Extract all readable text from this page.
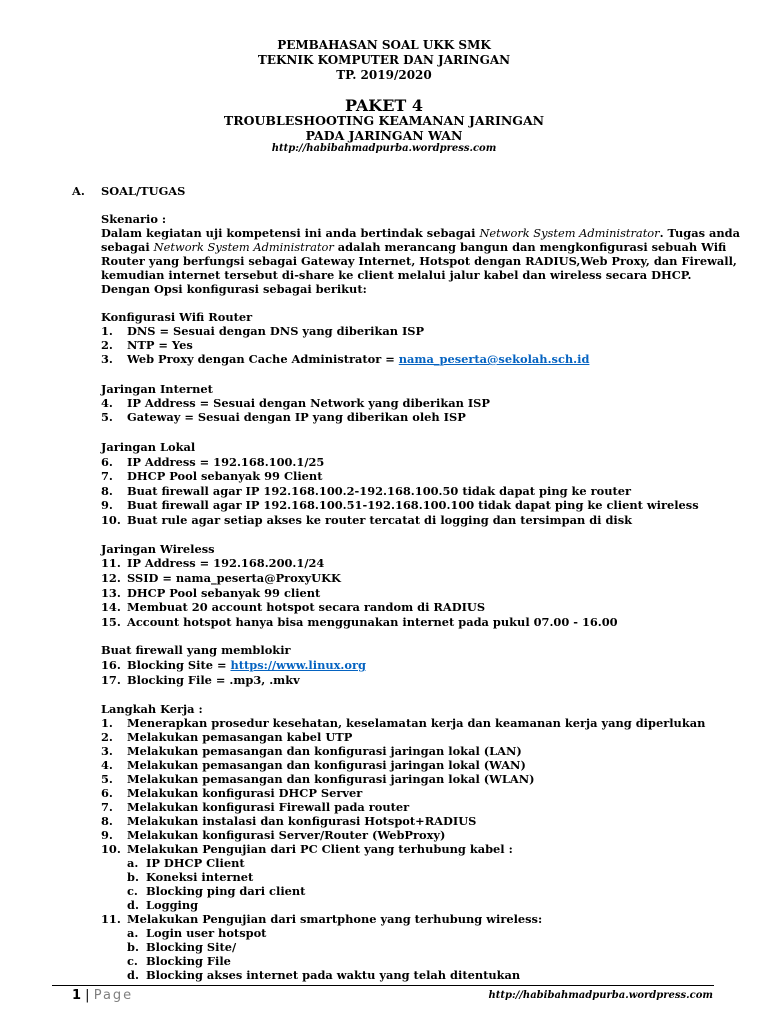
PEMBAHASAN SOAL UKK SMK
TEKNIK KOMPUTER DAN JARINGAN
TP. 2019/2020
PAKET 4
TROUBLESHOOTING KEAMANAN JARINGAN
PADA JARINGAN WAN
http://habibahmadpurba.wordpress.com
A. SOAL/TUGAS
Skenario :
Dalam kegiatan uji kompetensi ini anda bertindak sebagai Network System Administrator. Tugas anda
sebagai Network System Administrator adalah merancang bangun dan mengkonfigurasi sebuah Wifi
Router yang berfungsi sebagai Gateway Internet, Hotspot dengan RADIUS,Web Proxy, dan Firewall,
kemudian internet tersebut di-share ke client melalui jalur kabel dan wireless secara DHCP.
Dengan Opsi konfigurasi sebagai berikut:
Konfigurasi Wifi Router
1.	DNS = Sesuai dengan DNS yang diberikan ISP
2.	NTP = Yes
3.	Web Proxy dengan Cache Administrator = nama_peserta@sekolah.sch.id
Jaringan Internet
4.	IP Address = Sesuai dengan Network yang diberikan ISP
5.	Gateway = Sesuai dengan IP yang diberikan oleh ISP
Jaringan Lokal
6.	IP Address = 192.168.100.1/25
7.	DHCP Pool sebanyak 99 Client
8.	Buat firewall agar IP 192.168.100.2-192.168.100.50 tidak dapat ping ke router
9.	Buat firewall agar IP 192.168.100.51-192.168.100.100 tidak dapat ping ke client wireless
10. Buat rule agar setiap akses ke router tercatat di logging dan tersimpan di disk
Jaringan Wireless
11. IP Address = 192.168.200.1/24
12. SSID = nama_peserta@ProxyUKK
13. DHCP Pool sebanyak 99 client
14. Membuat 20 account hotspot secara random di RADIUS
15. Account hotspot hanya bisa menggunakan internet pada pukul 07.00 - 16.00
Buat firewall yang memblokir
16. Blocking Site = https://www.linux.org
17. Blocking File = .mp3, .mkv
Langkah Kerja :
1.	Menerapkan prosedur kesehatan, keselamatan kerja dan keamanan kerja yang diperlukan
2.	Melakukan pemasangan kabel UTP
3.	Melakukan pemasangan dan konfigurasi jaringan lokal (LAN)
4.	Melakukan pemasangan dan konfigurasi jaringan lokal (WAN)
5.	Melakukan pemasangan dan konfigurasi jaringan lokal (WLAN)
6.	Melakukan konfigurasi DHCP Server
7.	Melakukan konfigurasi Firewall pada router
8.	Melakukan instalasi dan konfigurasi Hotspot+RADIUS
9.	Melakukan konfigurasi Server/Router (WebProxy)
10. Melakukan Pengujian dari PC Client yang terhubung kabel :
a. IP DHCP Client
b. Koneksi internet
c. Blocking ping dari client
d. Logging
11. Melakukan Pengujian dari smartphone yang terhubung wireless:
a. Login user hotspot
b. Blocking Site/
c. Blocking File
d. Blocking akses internet pada waktu yang telah ditentukan
1 | Page	http://habibahmadpurba.wordpress.com
